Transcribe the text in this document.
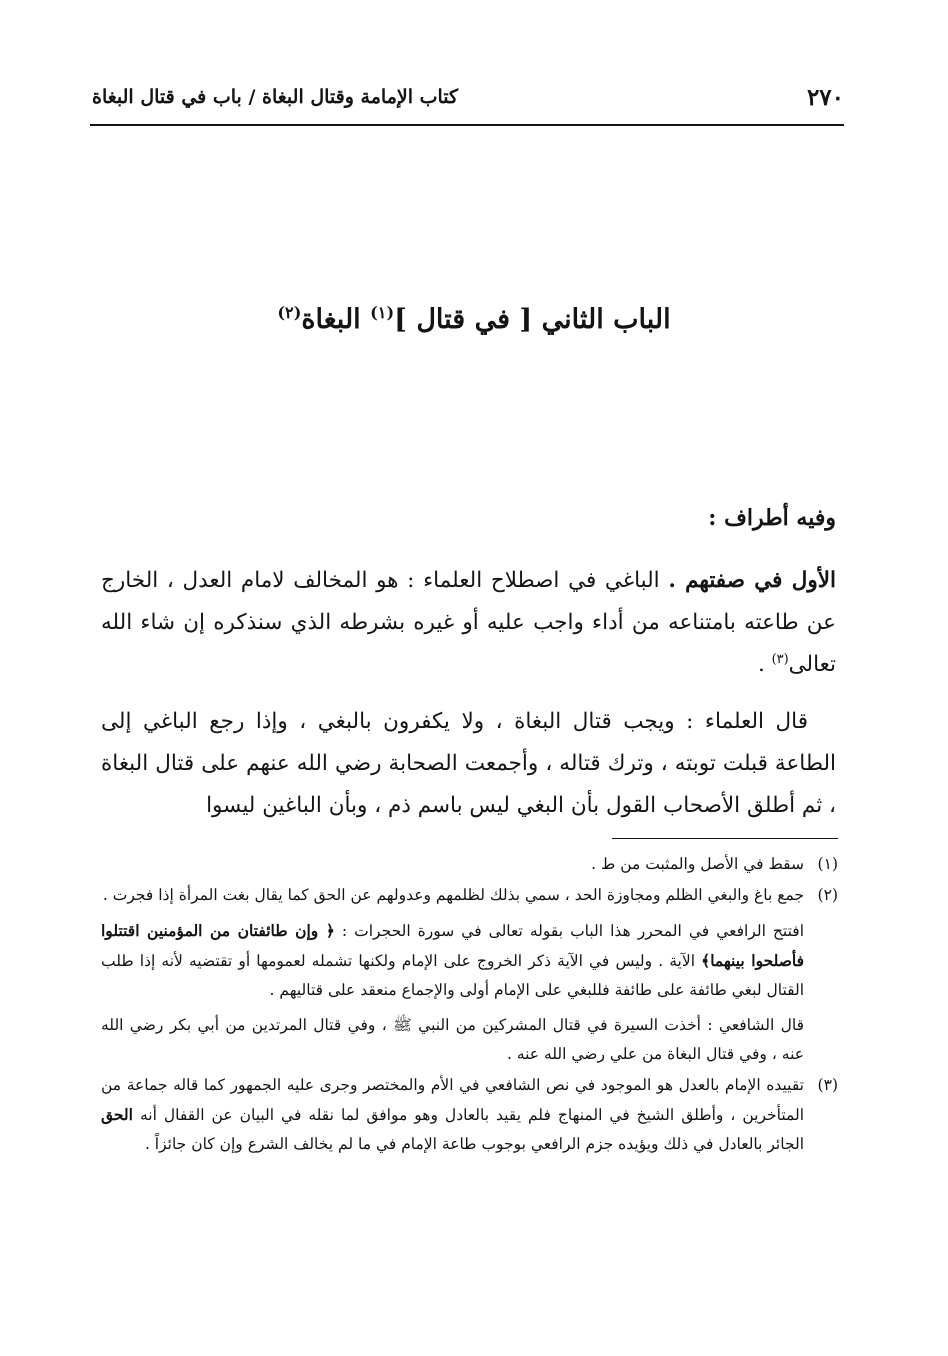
٢٧٠
كتاب الإمامة وقتال البغاة / باب في قتال البغاة
الباب الثاني [ في قتال ]$^{(١)}$ البغاة$^{(٢)}$
وفيه أطراف :

الأول في صفتهم . الباغي في اصطلاح العلماء : هو المخالف لامام العدل ، الخارج عن طاعته بامتناعه من أداء واجب عليه أو غيره بشرطه الذي سنذكره إن شاء الله تعالى$^{(٣)}$ .

قال العلماء : ويجب قتال البغاة ، ولا يكفرون بالبغي ، وإذا رجع الباغي إلى الطاعة قبلت توبته ، وترك قتاله ، وأجمعت الصحابة رضي الله عنهم على قتال البغاة ، ثم أطلق الأصحاب القول بأن البغي ليس باسم ذم ، وبأن الباغين ليسوا

(١)
سقط في الأصل والمثبت من ط .
(٢)
جمع باغ والبغي الظلم ومجاوزة الحد ، سمي بذلك لظلمهم وعدولهم عن الحق كما يقال بغت المرأة إذا فجرت .
افتتح الرافعي في المحرر هذا الباب بقوله تعالى في سورة الحجرات : ﴿ وإن طائفتان من المؤمنين اقتتلوا فأصلحوا بينهما﴾ الآية . وليس في الآية ذكر الخروج على الإمام ولكنها تشمله لعمومها أو تقتضيه لأنه إذا طلب القتال لبغي طائفة على طائفة فللبغي على الإمام أولى والإجماع منعقد على قتاليهم .
قال الشافعي : أخذت السيرة في قتال المشركين من النبي ﷺ ، وفي قتال المرتدين من أبي بكر رضي الله عنه ، وفي قتال البغاة من علي رضي الله عنه .
(٣)
تقييده الإمام بالعدل هو الموجود في نص الشافعي في الأم والمختصر وجرى عليه الجمهور كما قاله جماعة من المتأخرين ، وأطلق الشيخ في المنهاج فلم يقيد بالعادل وهو موافق لما نقله في البيان عن القفال أنه الحق الجائر بالعادل في ذلك ويؤيده جزم الرافعي بوجوب طاعة الإمام في ما لم يخالف الشرع وإن كان جائزاً .
